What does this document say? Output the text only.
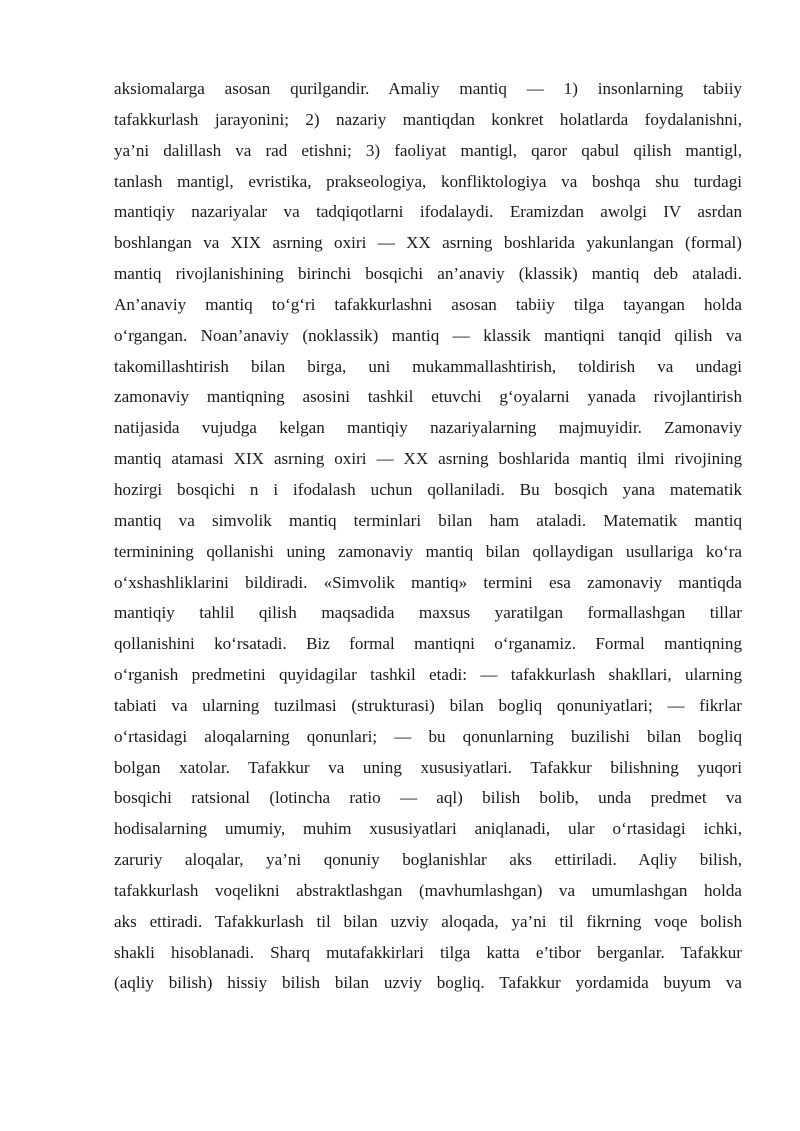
aksiomalarga asosan qurilgandir. Amaliy mantiq — 1) insonlarning tabiiy
tafakkurlash jarayonini; 2) nazariy mantiqdan konkret holatlarda foydalanishni,
ya’ni dalillash va rad etishni; 3) faoliyat mantigl, qaror qabul qilish mantigl,
tanlash mantigl, evristika, prakseologiya, konfliktologiya va boshqa shu turdagi
mantiqiy nazariyalar va tadqiqotlarni ifodalaydi. Eramizdan awolgi IV asrdan
boshlangan va XIX asrning oxiri — XX asrning boshlarida yakunlangan (formal)
mantiq rivojlanishining birinchi bosqichi an’anaviy (klassik) mantiq deb ataladi.
An’anaviy mantiq to‘g‘ri tafakkurlashni asosan tabiiy tilga tayangan holda
o‘rgangan. Noan’anaviy (noklassik) mantiq — klassik mantiqni tanqid qilish va
takomillashtirish bilan birga, uni mukammallashtirish, toldirish va undagi
zamonaviy mantiqning asosini tashkil etuvchi g‘oyalarni yanada rivojlantirish
natijasida vujudga kelgan mantiqiy nazariyalarning majmuyidir. Zamonaviy
mantiq atamasi XIX asrning oxiri — XX asrning boshlarida mantiq ilmi rivojining
hozirgi bosqichi n i ifodalash uchun qollaniladi. Bu bosqich yana matematik
mantiq va simvolik mantiq terminlari bilan ham ataladi. Matematik mantiq
terminining qollanishi uning zamonaviy mantiq bilan qollaydigan usullariga ko‘ra
o‘xshashliklarini bildiradi. «Simvolik mantiq» termini esa zamonaviy mantiqda
mantiqiy tahlil qilish maqsadida maxsus yaratilgan formallashgan tillar
qollanishini ko‘rsatadi. Biz formal mantiqni o‘rganamiz. Formal mantiqning
o‘rganish predmetini quyidagilar tashkil etadi: — tafakkurlash shakllari, ularning
tabiati va ularning tuzilmasi (strukturasi) bilan bogliq qonuniyatlari; — fikrlar
o‘rtasidagi aloqalarning qonunlari; — bu qonunlarning buzilishi bilan bogliq
bolgan xatolar. Tafakkur va uning xususiyatlari. Tafakkur bilishning yuqori
bosqichi ratsional (lotincha ratio — aql) bilish bolib, unda predmet va
hodisalarning umumiy, muhim xususiyatlari aniqlanadi, ular o‘rtasidagi ichki,
zaruriy aloqalar, ya’ni qonuniy boglanishlar aks ettiriladi. Aqliy bilish,
tafakkurlash voqelikni abstraktlashgan (mavhumlashgan) va umumlashgan holda
aks ettiradi. Tafakkurlash til bilan uzviy aloqada, ya’ni til fikrning voqe bolish
shakli hisoblanadi. Sharq mutafakkirlari tilga katta e’tibor berganlar. Tafakkur
(aqliy bilish) hissiy bilish bilan uzviy bogliq. Tafakkur yordamida buyum va
